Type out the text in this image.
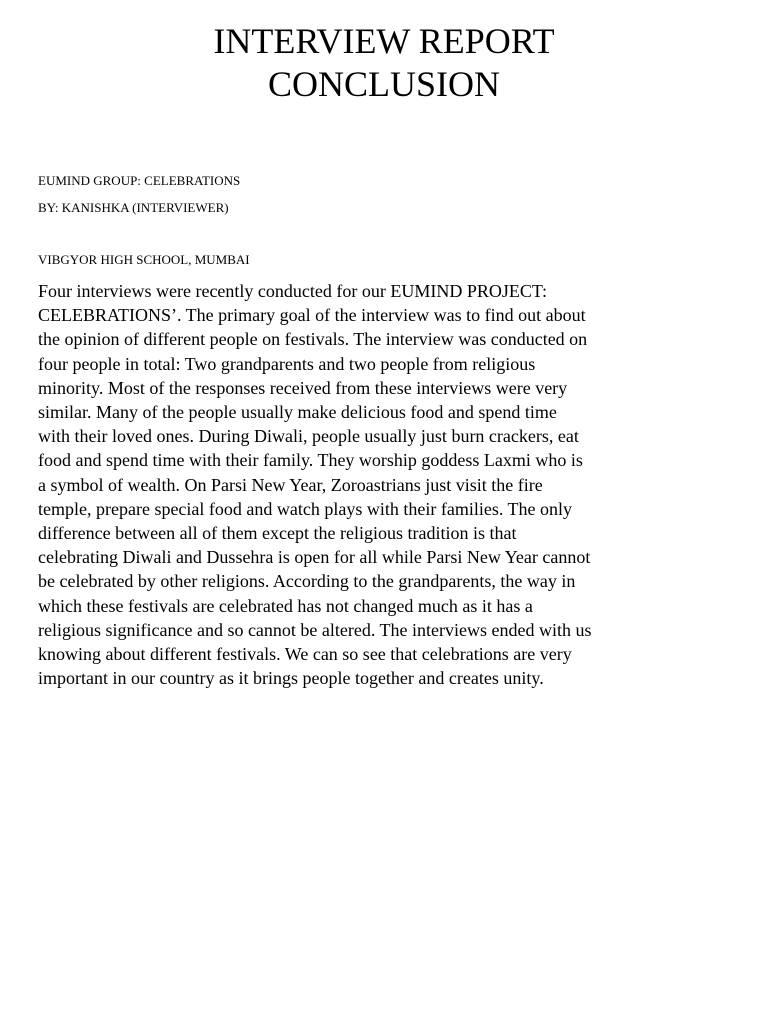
INTERVIEW REPORT
CONCLUSION

EUMIND GROUP: CELEBRATIONS

BY: KANISHKA (INTERVIEWER)

VIBGYOR HIGH SCHOOL, MUMBAI

Four interviews were recently conducted for our EUMIND PROJECT:
CELEBRATIONS’. The primary goal of the interview was to find out about
the opinion of different people on festivals. The interview was conducted on
four people in total: Two grandparents and two people from religious
minority. Most of the responses received from these interviews were very
similar. Many of the people usually make delicious food and spend time
with their loved ones. During Diwali, people usually just burn crackers, eat
food and spend time with their family. They worship goddess Laxmi who is
a symbol of wealth. On Parsi New Year, Zoroastrians just visit the fire
temple, prepare special food and watch plays with their families. The only
difference between all of them except the religious tradition is that
celebrating Diwali and Dussehra is open for all while Parsi New Year cannot
be celebrated by other religions. According to the grandparents, the way in
which these festivals are celebrated has not changed much as it has a
religious significance and so cannot be altered. The interviews ended with us
knowing about different festivals. We can so see that celebrations are very
important in our country as it brings people together and creates unity.
